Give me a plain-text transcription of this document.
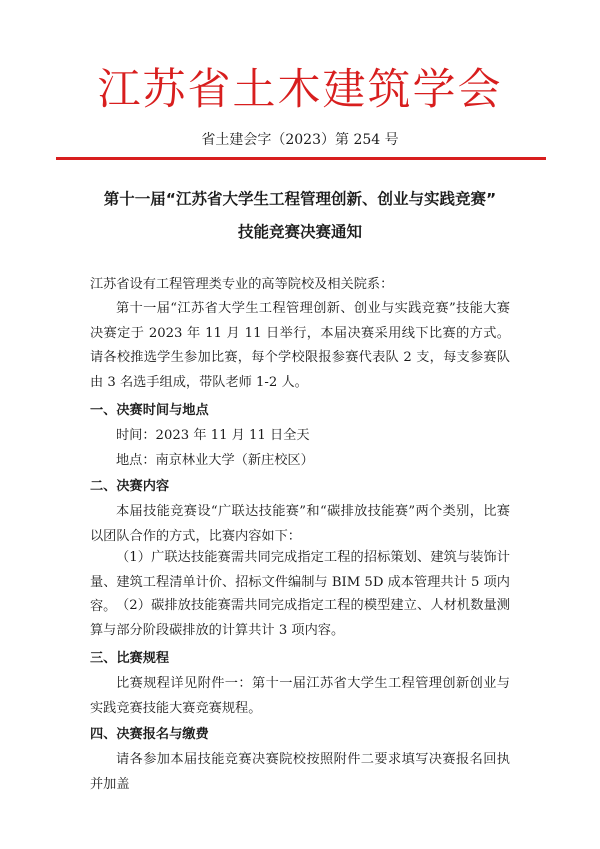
江苏省土木建筑学会
省土建会字（2023）第 254 号
第十一届“江苏省大学生工程管理创新、创业与实践竞赛”
技能竞赛决赛通知
江苏省设有工程管理类专业的高等院校及相关院系：
第十一届“江苏省大学生工程管理创新、创业与实践竞赛”技能大赛决赛定于 2023 年 11 月 11 日举行，本届决赛采用线下比赛的方式。 请各校推选学生参加比赛，每个学校限报参赛代表队 2 支，每支参赛队由 3 名选手组成，带队老师 1-2 人。
一、决赛时间与地点
时间：2023 年 11 月 11 日全天
地点：南京林业大学（新庄校区）
二、决赛内容
本届技能竞赛设“广联达技能赛”和“碳排放技能赛”两个类别，比赛以团队合作的方式，比赛内容如下：
（1）广联达技能赛需共同完成指定工程的招标策划、建筑与装饰计量、建筑工程清单计价、招标文件编制与 BIM 5D 成本管理共计 5 项内容。 （2）碳排放技能赛需共同完成指定工程的模型建立、人材机数量测算与部分阶段碳排放的计算共计 3 项内容。
三、比赛规程
比赛规程详见附件一：第十一届江苏省大学生工程管理创新创业与实践竞赛技能大赛竞赛规程。
四、决赛报名与缴费
请各参加本届技能竞赛决赛院校按照附件二要求填写决赛报名回执并加盖
